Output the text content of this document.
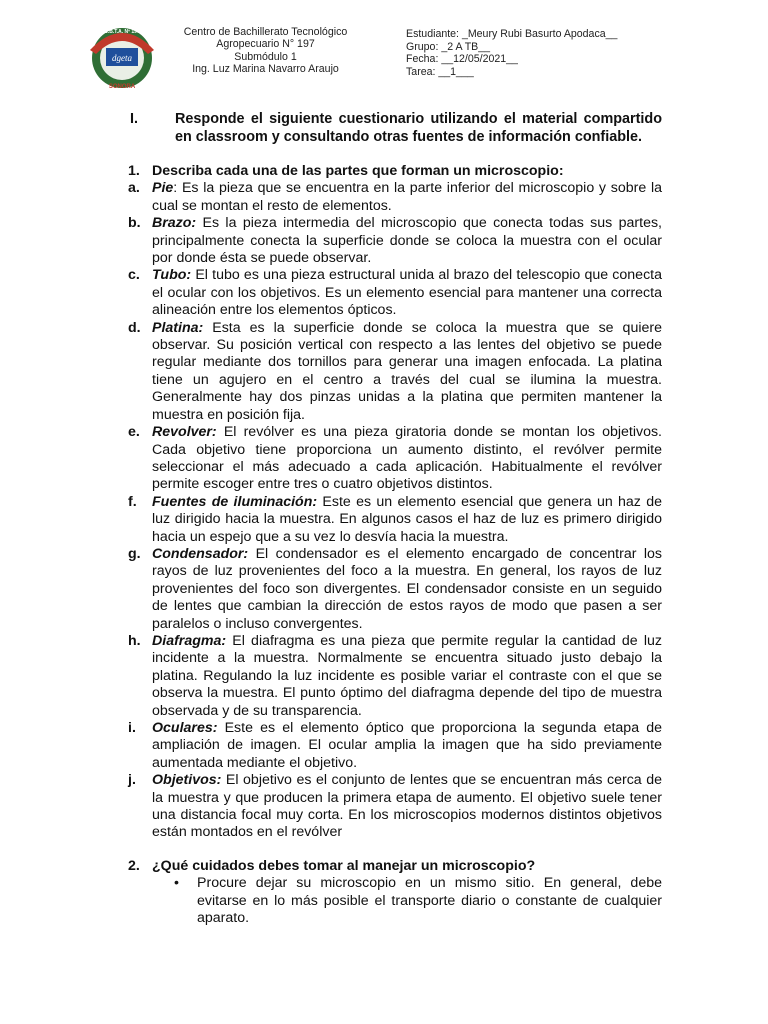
C.B.T.A. Nº 197
dgeta
SONORA
Centro de Bachillerato Tecnológico
Agropecuario N° 197
Submódulo 1
Ing. Luz Marina Navarro Araujo
Estudiante: _Meury Rubi Basurto Apodaca__
Grupo: _2 A TB__
Fecha: __12/05/2021__
Tarea: __1___
I.	Responde el siguiente cuestionario utilizando el material compartido en classroom y consultando otras fuentes de información confiable.
1. Describa cada una de las partes que forman un microscopio:
a. Pie: Es la pieza que se encuentra en la parte inferior del microscopio y sobre la cual se montan el resto de elementos.
b. Brazo: Es la pieza intermedia del microscopio que conecta todas sus partes, principalmente conecta la superficie donde se coloca la muestra con el ocular por donde ésta se puede observar.
c. Tubo: El tubo es una pieza estructural unida al brazo del telescopio que conecta el ocular con los objetivos. Es un elemento esencial para mantener una correcta alineación entre los elementos ópticos.
d. Platina: Esta es la superficie donde se coloca la muestra que se quiere observar. Su posición vertical con respecto a las lentes del objetivo se puede regular mediante dos tornillos para generar una imagen enfocada. La platina tiene un agujero en el centro a través del cual se ilumina la muestra. Generalmente hay dos pinzas unidas a la platina que permiten mantener la muestra en posición fija.
e. Revolver: El revólver es una pieza giratoria donde se montan los objetivos. Cada objetivo tiene proporciona un aumento distinto, el revólver permite seleccionar el más adecuado a cada aplicación. Habitualmente el revólver permite escoger entre tres o cuatro objetivos distintos.
f. Fuentes de iluminación: Este es un elemento esencial que genera un haz de luz dirigido hacia la muestra. En algunos casos el haz de luz es primero dirigido hacia un espejo que a su vez lo desvía hacia la muestra.
g. Condensador: El condensador es el elemento encargado de concentrar los rayos de luz provenientes del foco a la muestra. En general, los rayos de luz provenientes del foco son divergentes. El condensador consiste en un seguido de lentes que cambian la dirección de estos rayos de modo que pasen a ser paralelos o incluso convergentes.
h. Diafragma: El diafragma es una pieza que permite regular la cantidad de luz incidente a la muestra. Normalmente se encuentra situado justo debajo la platina. Regulando la luz incidente es posible variar el contraste con el que se observa la muestra. El punto óptimo del diafragma depende del tipo de muestra observada y de su transparencia.
i. Oculares: Este es el elemento óptico que proporciona la segunda etapa de ampliación de imagen. El ocular amplia la imagen que ha sido previamente aumentada mediante el objetivo.
j. Objetivos: El objetivo es el conjunto de lentes que se encuentran más cerca de la muestra y que producen la primera etapa de aumento. El objetivo suele tener una distancia focal muy corta. En los microscopios modernos distintos objetivos están montados en el revólver
2. ¿Qué cuidados debes tomar al manejar un microscopio?
• Procure dejar su microscopio en un mismo sitio. En general, debe evitarse en lo más posible el transporte diario o constante de cualquier aparato.
